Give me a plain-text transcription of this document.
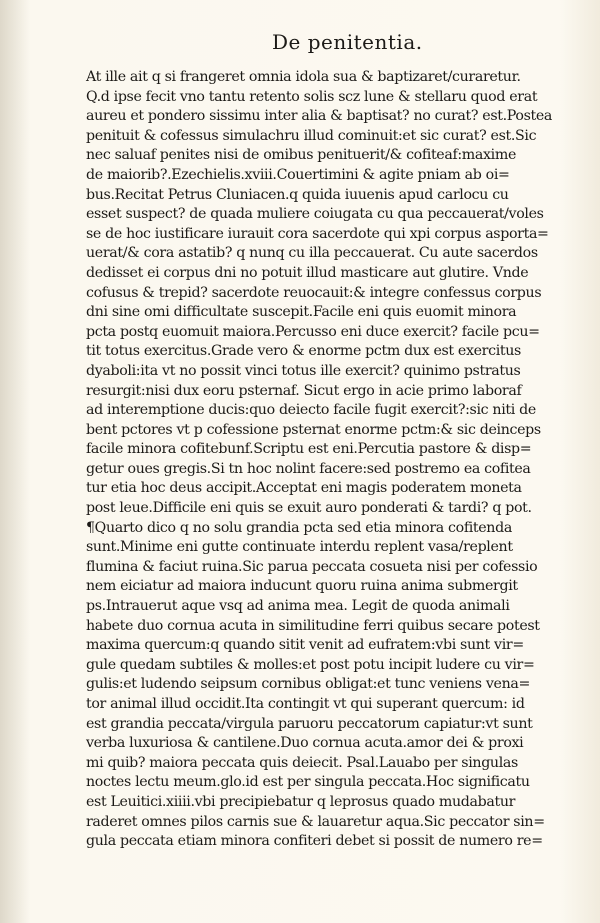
De penitentia.
At ille ait q si frangeret omnia idola sua & baptizaret/curaretur.
Q.d ipse fecit vno tantu retento solis scz lune & stellaru quod erat
aureu et pondero sissimu inter alia & baptisat? no curat? est.Postea
penituit & cofessus simulachru illud cominuit:et sic curat? est.Sic
nec saluaf penites nisi de omibus penituerit/& cofiteaf:maxime
de maiorib?.Ezechielis.xviii.Couertimini & agite pniam ab oi=
bus.Recitat Petrus Cluniacen.q quida iuuenis apud carlocu cu
esset suspect? de quada muliere coiugata cu qua peccauerat/voles
se de hoc iustificare iurauit cora sacerdote qui xpi corpus asporta=
uerat/& cora astatib? q nunq cu illa peccauerat. Cu aute sacerdos
dedisset ei corpus dni no potuit illud masticare aut glutire. Vnde
cofusus & trepid? sacerdote reuocauit:& integre confessus corpus
dni sine omi difficultate suscepit.Facile eni quis euomit minora
pcta postq euomuit maiora.Percusso eni duce exercit? facile pcu=
tit totus exercitus.Grade vero & enorme pctm dux est exercitus
dyaboli:ita vt no possit vinci totus ille exercit? quinimo pstratus
resurgit:nisi dux eoru psternaf. Sicut ergo in acie primo laboraf
ad interemptione ducis:quo deiecto facile fugit exercit?:sic niti de
bent pctores vt p cofessione psternat enorme pctm:& sic deinceps
facile minora cofitebunf.Scriptu est eni.Percutia pastore & disp=
getur oues gregis.Si tn hoc nolint facere:sed postremo ea cofitea
tur etia hoc deus accipit.Acceptat eni magis poderatem moneta
post leue.Difficile eni quis se exuit auro ponderati & tardi? q pot.
¶Quarto dico q no solu grandia pcta sed etia minora cofitenda
sunt.Minime eni gutte continuate interdu replent vasa/replent
flumina & faciut ruina.Sic parua peccata cosueta nisi per cofessio
nem eiciatur ad maiora inducunt quoru ruina anima submergit
ps.Intrauerut aque vsq ad anima mea. Legit de quoda animali
habete duo cornua acuta in similitudine ferri quibus secare potest
maxima quercum:q quando sitit venit ad eufratem:vbi sunt vir=
gule quedam subtiles & molles:et post potu incipit ludere cu vir=
gulis:et ludendo seipsum cornibus obligat:et tunc veniens vena=
tor animal illud occidit.Ita contingit vt qui superant quercum: id
est grandia peccata/virgula paruoru peccatorum capiatur:vt sunt
verba luxuriosa & cantilene.Duo cornua acuta.amor dei & proxi
mi quib? maiora peccata quis deiecit. Psal.Lauabo per singulas
noctes lectu meum.glo.id est per singula peccata.Hoc significatu
est Leuitici.xiiii.vbi precipiebatur q leprosus quado mudabatur
raderet omnes pilos carnis sue & lauaretur aqua.Sic peccator sin=
gula peccata etiam minora confiteri debet si possit de numero re=
